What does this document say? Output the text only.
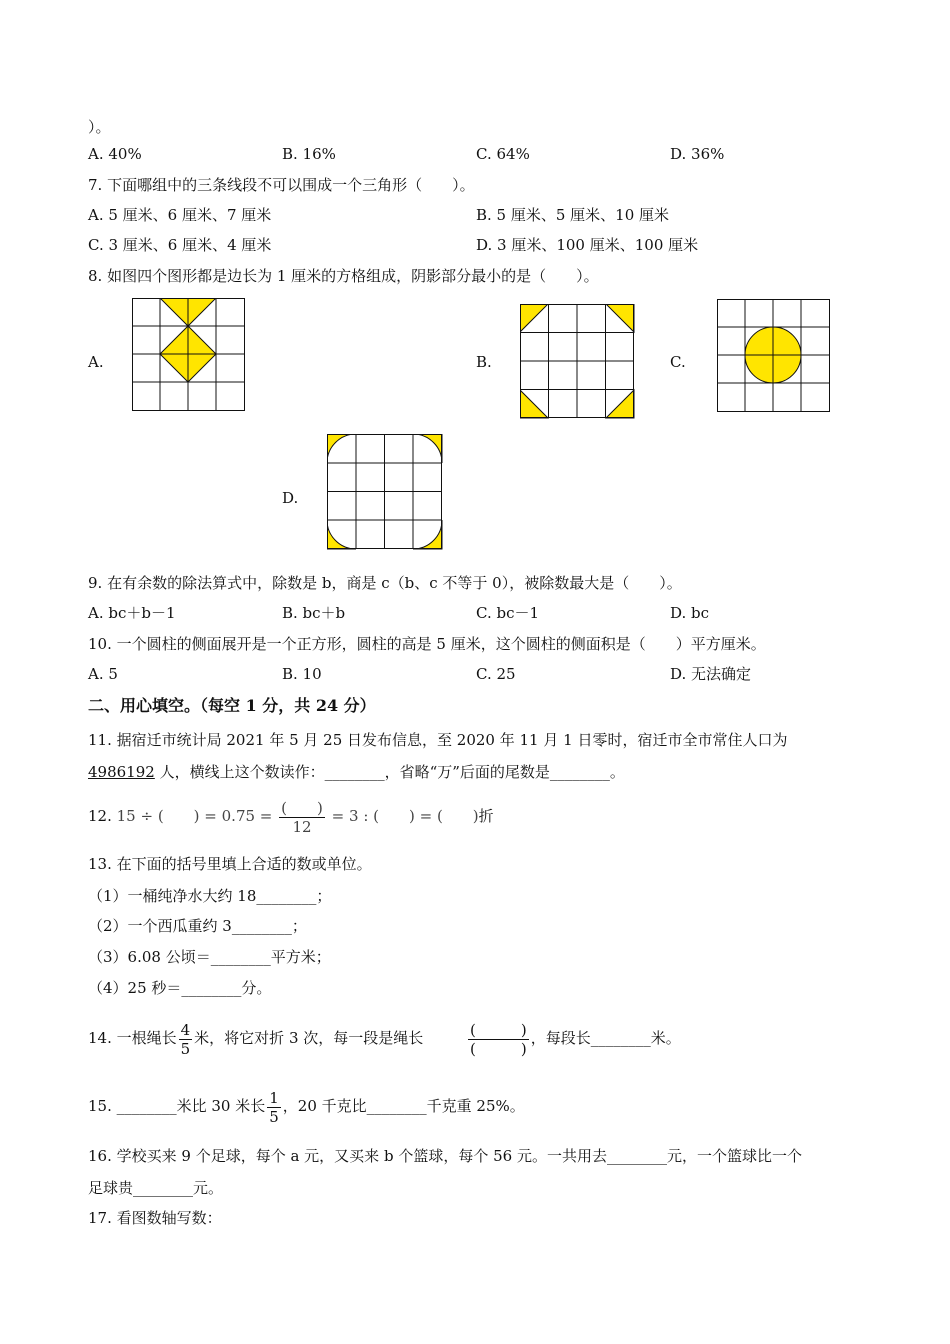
）。
A. 40%	B. 16%	C. 64%	D. 36%
7. 下面哪组中的三条线段不可以围成一个三角形（　　）。
A. 5 厘米、6 厘米、7 厘米	B. 5 厘米、5 厘米、10 厘米
C. 3 厘米、6 厘米、4 厘米	D. 3 厘米、100 厘米、100 厘米
8. 如图四个图形都是边长为 1 厘米的方格组成，阴影部分最小的是（　　）。
A.	B.	C.
D.
9. 在有余数的除法算式中，除数是 b，商是 c（b、c 不等于 0），被除数最大是（　　）。
A. bc＋b－1	B. bc＋b	C. bc－1	D. bc
10. 一个圆柱的侧面展开是一个正方形，圆柱的高是 5 厘米，这个圆柱的侧面积是（　　）平方厘米。
A. 5	B. 10	C. 25	D. 无法确定
二、用心填空。（每空 1 分，共 24 分）
11. 据宿迁市统计局 2021 年 5 月 25 日发布信息，至 2020 年 11 月 1 日零时，宿迁市全市常住人口为
4986192 人，横线上这个数读作：________，省略“万”后面的尾数是________。
12. 15 ÷ (　　) = $0.75 = \frac{( )}{12} = 3$ : (　　) = (　　)折
13. 在下面的括号里填上合适的数或单位。
（1）一桶纯净水大约 18________；
（2）一个西瓜重约 3________；
（3）6.08 公顷＝________平方米；
（4）25 秒＝________分。
14. 一根绳长 $\frac{4}{5}$ 米，将它对折 3 次，每一段是绳长	$\frac{( )}{( )}$ ，每段长________米。
15. ________米比 30 米长 $\frac{1}{5}$ ，20 千克比________千克重 25%。
16. 学校买来 9 个足球，每个 a 元，又买来 b 个篮球，每个 56 元。一共用去________元，一个篮球比一个
足球贵________元。
17. 看图数轴写数：
